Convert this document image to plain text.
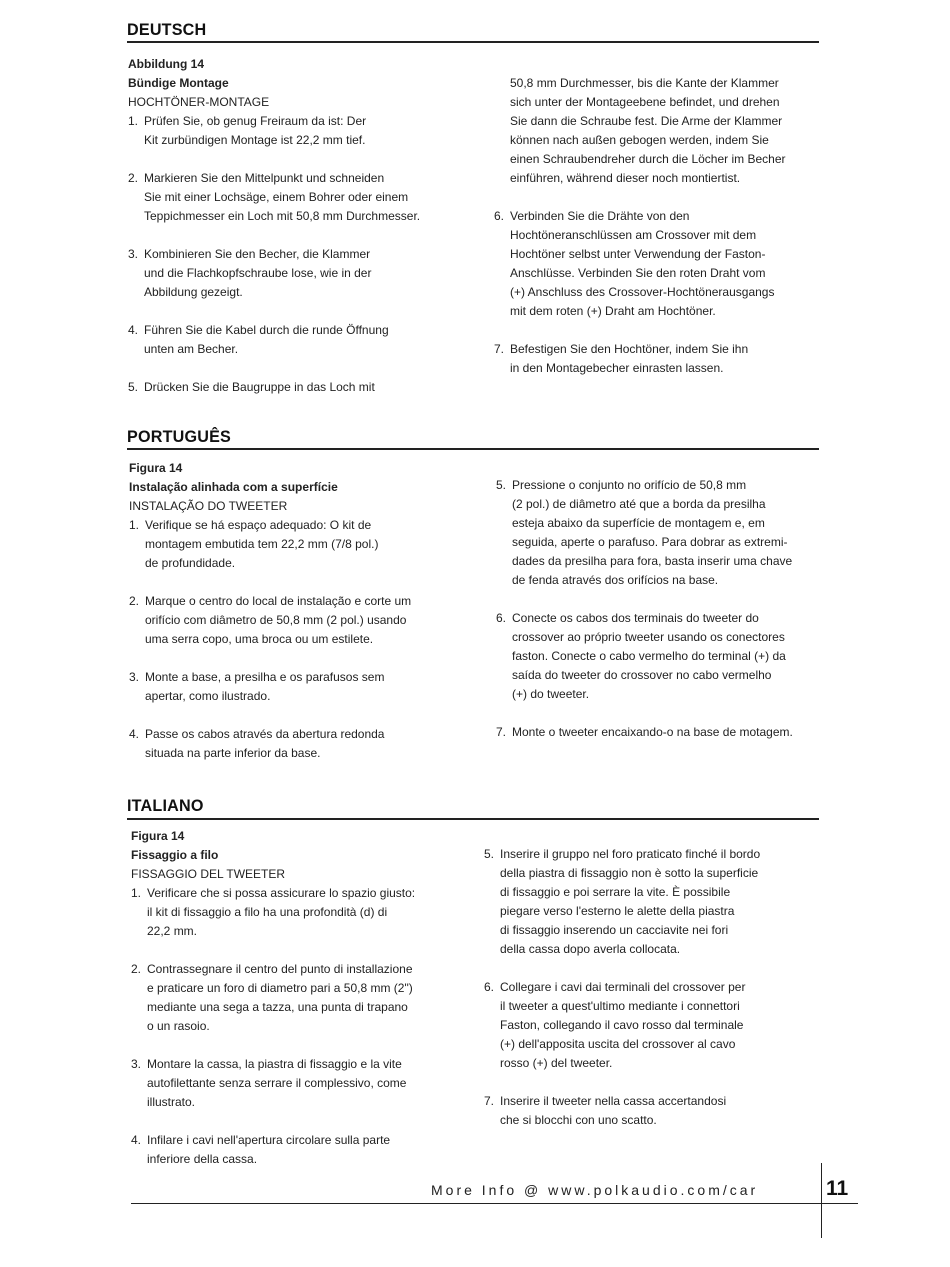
DEUTSCH
Abbildung 14
Bündige Montage
HOCHTÖNER-MONTAGE
1. Prüfen Sie, ob genug Freiraum da ist: Der
Kit zurbündigen Montage ist 22,2 mm tief.
2. Markieren Sie den Mittelpunkt und schneiden
Sie mit einer Lochsäge, einem Bohrer oder einem
Teppichmesser ein Loch mit 50,8 mm Durchmesser.
3. Kombinieren Sie den Becher, die Klammer
und die Flachkopfschraube lose, wie in der
Abbildung gezeigt.
4. Führen Sie die Kabel durch die runde Öffnung
unten am Becher.
5. Drücken Sie die Baugruppe in das Loch mit
50,8 mm Durchmesser, bis die Kante der Klammer
sich unter der Montageebene befindet, und drehen
Sie dann die Schraube fest. Die Arme der Klammer
können nach außen gebogen werden, indem Sie
einen Schraubendreher durch die Löcher im Becher
einführen, während dieser noch montiertist.
6. Verbinden Sie die Drähte von den
Hochtöneranschlüssen am Crossover mit dem
Hochtöner selbst unter Verwendung der Faston-
Anschlüsse. Verbinden Sie den roten Draht vom
(+) Anschluss des Crossover-Hochtönerausgangs
mit dem roten (+) Draht am Hochtöner.
7. Befestigen Sie den Hochtöner, indem Sie ihn
in den Montagebecher einrasten lassen.
PORTUGUÊS
Figura 14
Instalação alinhada com a superfície
INSTALAÇÃO DO TWEETER
1. Verifique se há espaço adequado: O kit de
montagem embutida tem 22,2 mm (7/8 pol.)
de profundidade.
2. Marque o centro do local de instalação e corte um
orifício com diâmetro de 50,8 mm (2 pol.) usando
uma serra copo, uma broca ou um estilete.
3. Monte a base, a presilha e os parafusos sem
apertar, como ilustrado.
4. Passe os cabos através da abertura redonda
situada na parte inferior da base.
5. Pressione o conjunto no orifício de 50,8 mm
(2 pol.) de diâmetro até que a borda da presilha
esteja abaixo da superfície de montagem e, em
seguida, aperte o parafuso. Para dobrar as extremi-
dades da presilha para fora, basta inserir uma chave
de fenda através dos orifícios na base.
6. Conecte os cabos dos terminais do tweeter do
crossover ao próprio tweeter usando os conectores
faston. Conecte o cabo vermelho do terminal (+) da
saída do tweeter do crossover no cabo vermelho
(+) do tweeter.
7. Monte o tweeter encaixando-o na base de motagem.
ITALIANO
Figura 14
Fissaggio a filo
FISSAGGIO DEL TWEETER
1. Verificare che si possa assicurare lo spazio giusto:
il kit di fissaggio a filo ha una profondità (d) di
22,2 mm.
2. Contrassegnare il centro del punto di installazione
e praticare un foro di diametro pari a 50,8 mm (2")
mediante una sega a tazza, una punta di trapano
o un rasoio.
3. Montare la cassa, la piastra di fissaggio e la vite
autofilettante senza serrare il complessivo, come
illustrato.
4. Infilare i cavi nell'apertura circolare sulla parte
inferiore della cassa.
5. Inserire il gruppo nel foro praticato finché il bordo
della piastra di fissaggio non è sotto la superficie
di fissaggio e poi serrare la vite. È possibile
piegare verso l'esterno le alette della piastra
di fissaggio inserendo un cacciavite nei fori
della cassa dopo averla collocata.
6. Collegare i cavi dai terminali del crossover per
il tweeter a quest'ultimo mediante i connettori
Faston, collegando il cavo rosso dal terminale
(+) dell'apposita uscita del crossover al cavo
rosso (+) del tweeter.
7. Inserire il tweeter nella cassa accertandosi
che si blocchi con uno scatto.
More Info @ www.polkaudio.com/car	11
